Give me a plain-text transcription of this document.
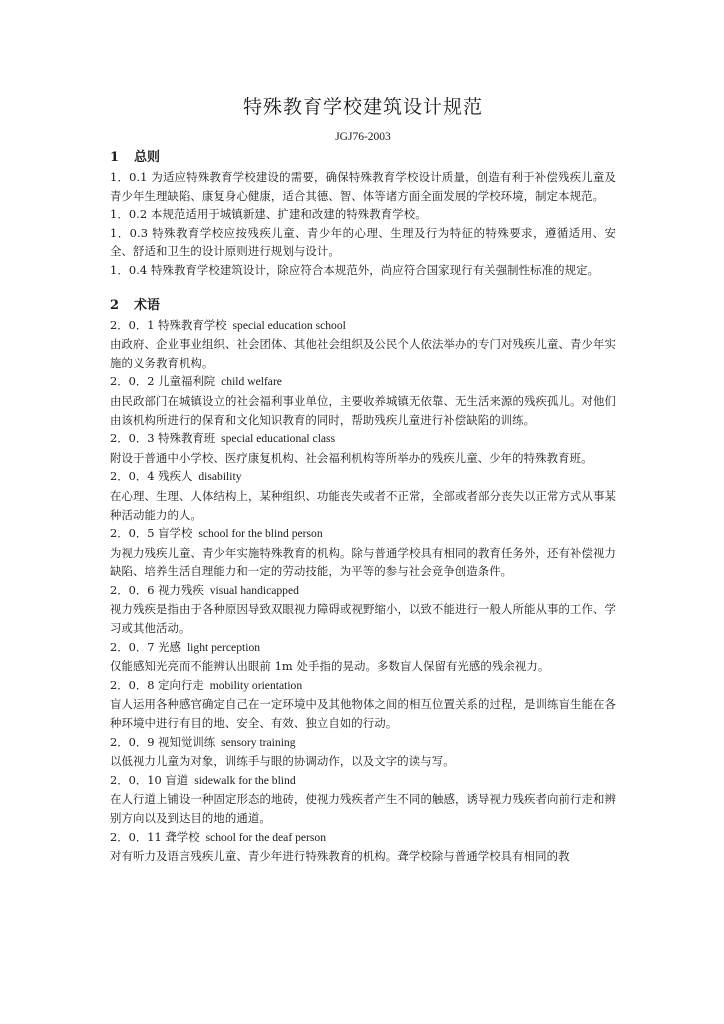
特殊教育学校建筑设计规范
JGJ76-2003
1 总则

1．0.1 为适应特殊教育学校建设的需要，确保特殊教育学校设计质量，创造有利于补偿残疾儿童及青少年生理缺陷、康复身心健康，适合其德、智、体等诸方面全面发展的学校环境，制定本规范。

1．0.2 本规范适用于城镇新建、扩建和改建的特殊教育学校。

1．0.3 特殊教育学校应按残疾儿童、青少年的心理、生理及行为特征的特殊要求，遵循适用、安全、舒适和卫生的设计原则进行规划与设计。

1．0.4 特殊教育学校建筑设计，除应符合本规范外，尚应符合国家现行有关强制性标准的规定。

2 术语

2．0．1 特殊教育学校 special education school

由政府、企业事业组织、社会团体、其他社会组织及公民个人依法举办的专门对残疾儿童、青少年实施的义务教育机构。

2．0．2 儿童福利院 child welfare

由民政部门在城镇设立的社会福利事业单位，主要收养城镇无依靠、无生活来源的残疾孤儿。对他们由该机构所进行的保育和文化知识教育的同时，帮助残疾儿童进行补偿缺陷的训练。

2．0．3 特殊教育班 special educational class

附设于普通中小学校、医疗康复机构、社会福利机构等所举办的残疾儿童、少年的特殊教育班。

2．0．4 残疾人 disability

在心理、生理、人体结构上，某种组织、功能丧失或者不正常，全部或者部分丧失以正常方式从事某种活动能力的人。

2．0．5 盲学校 school for the blind person

为视力残疾儿童、青少年实施特殊教育的机构。除与普通学校具有相同的教育任务外，还有补偿视力缺陷、培养生活自理能力和一定的劳动技能，为平等的参与社会竞争创造条件。

2．0．6 视力残疾 visual handicapped

视力残疾是指由于各种原因导致双眼视力障碍或视野缩小，以致不能进行一般人所能从事的工作、学习或其他活动。

2．0．7 光感 light perception

仅能感知光亮而不能辨认出眼前 1m 处手指的晃动。多数盲人保留有光感的残余视力。

2．0．8 定向行走 mobility orientation

盲人运用各种感官确定自己在一定环境中及其他物体之间的相互位置关系的过程，是训练盲生能在各种环境中进行有目的地、安全、有效、独立自如的行动。

2．0．9 视知觉训练 sensory training

以低视力儿童为对象，训练手与眼的协调动作，以及文字的读与写。

2．0．10 盲道 sidewalk for the blind

在人行道上铺设一种固定形态的地砖，使视力残疾者产生不同的触感，诱导视力残疾者向前行走和辨别方向以及到达目的地的通道。

2．0．11 聋学校 school for the deaf person

对有听力及语言残疾儿童、青少年进行特殊教育的机构。聋学校除与普通学校具有相同的教
